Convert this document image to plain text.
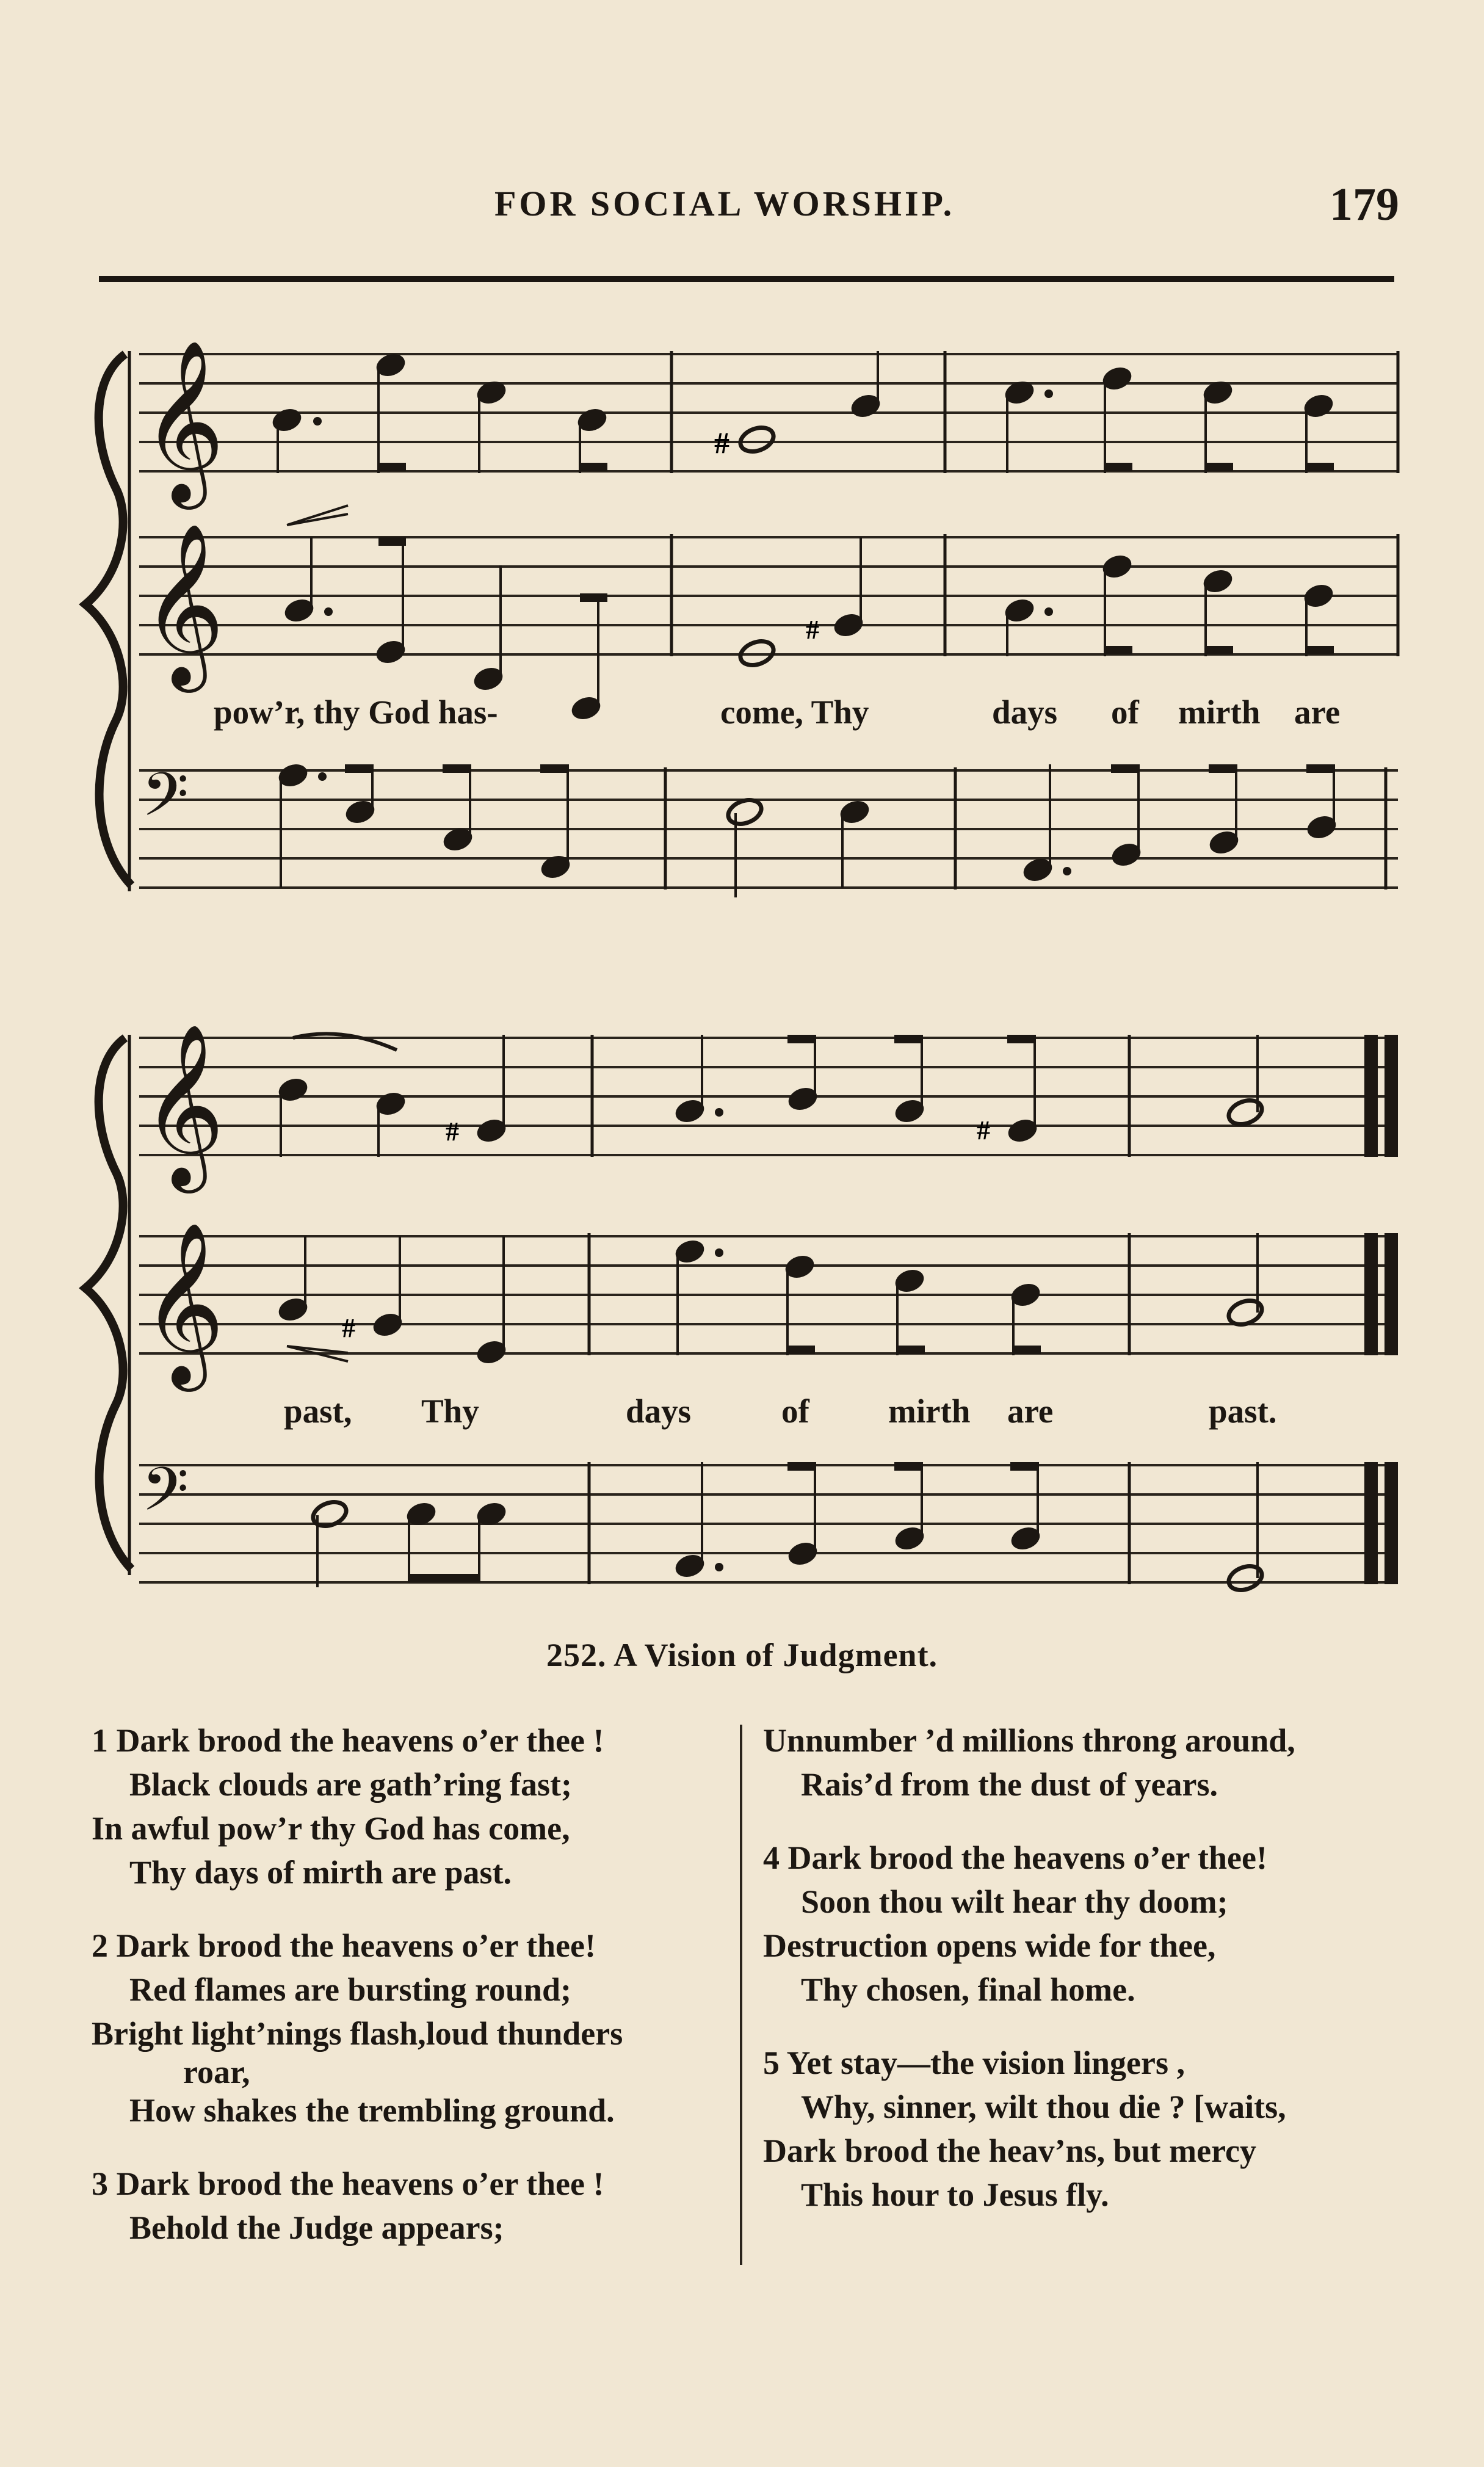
FOR SOCIAL WORSHIP.	179
𝄞	#
𝄞	#
𝄢
𝄞	#	#
𝄞	#
𝄢
pow’r, thy God has-	come, Thy	days of mirth are
past, Thy	days	of mirth are	past.
252. A Vision of Judgment.
1 Dark brood the heavens o’er thee !
Black clouds are gath’ring fast;
In awful pow’r thy God has come,
Thy days of mirth are past.
2 Dark brood the heavens o’er thee!
Red flames are bursting round;
Bright light’nings flash,loud thunders
roar,
How shakes the trembling ground.
3 Dark brood the heavens o’er thee !
Behold the Judge appears;
Unnumber ’d millions throng around,
Rais’d from the dust of years.
4 Dark brood the heavens o’er thee!
Soon thou wilt hear thy doom;
Destruction opens wide for thee,
Thy chosen, final home.
5 Yet stay—the vision lingers ,
Why, sinner, wilt thou die ? [waits,
Dark brood the heav’ns, but mercy
This hour to Jesus fly.
